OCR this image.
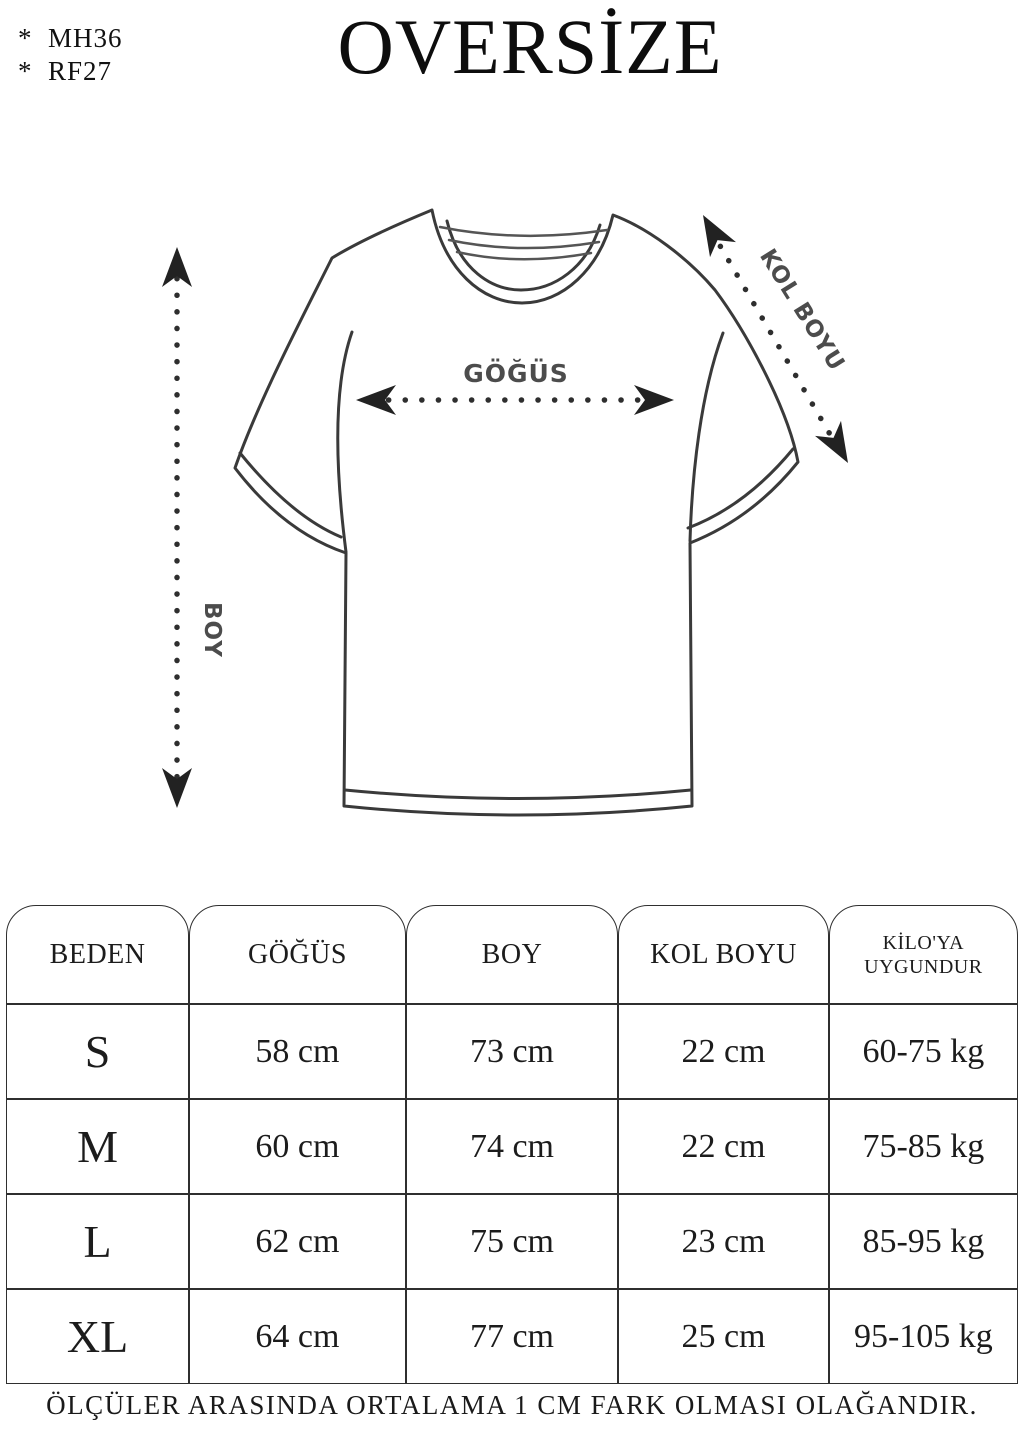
*  MH36
*  RF27	OVERSİZE
BOY
GÖĞÜS	KOL BOYU
BEDEN	GÖĞÜS	BOY	KOL BOYU	KİLO'YA UYGUNDUR
S	58 cm	73 cm	22 cm	60-75 kg
M	60 cm	74 cm	22 cm	75-85 kg
L	62 cm	75 cm	23 cm	85-95 kg
XL	64 cm	77 cm	25 cm	95-105 kg
ÖLÇÜLER ARASINDA ORTALAMA 1 CM FARK OLMASI OLAĞANDIR.
